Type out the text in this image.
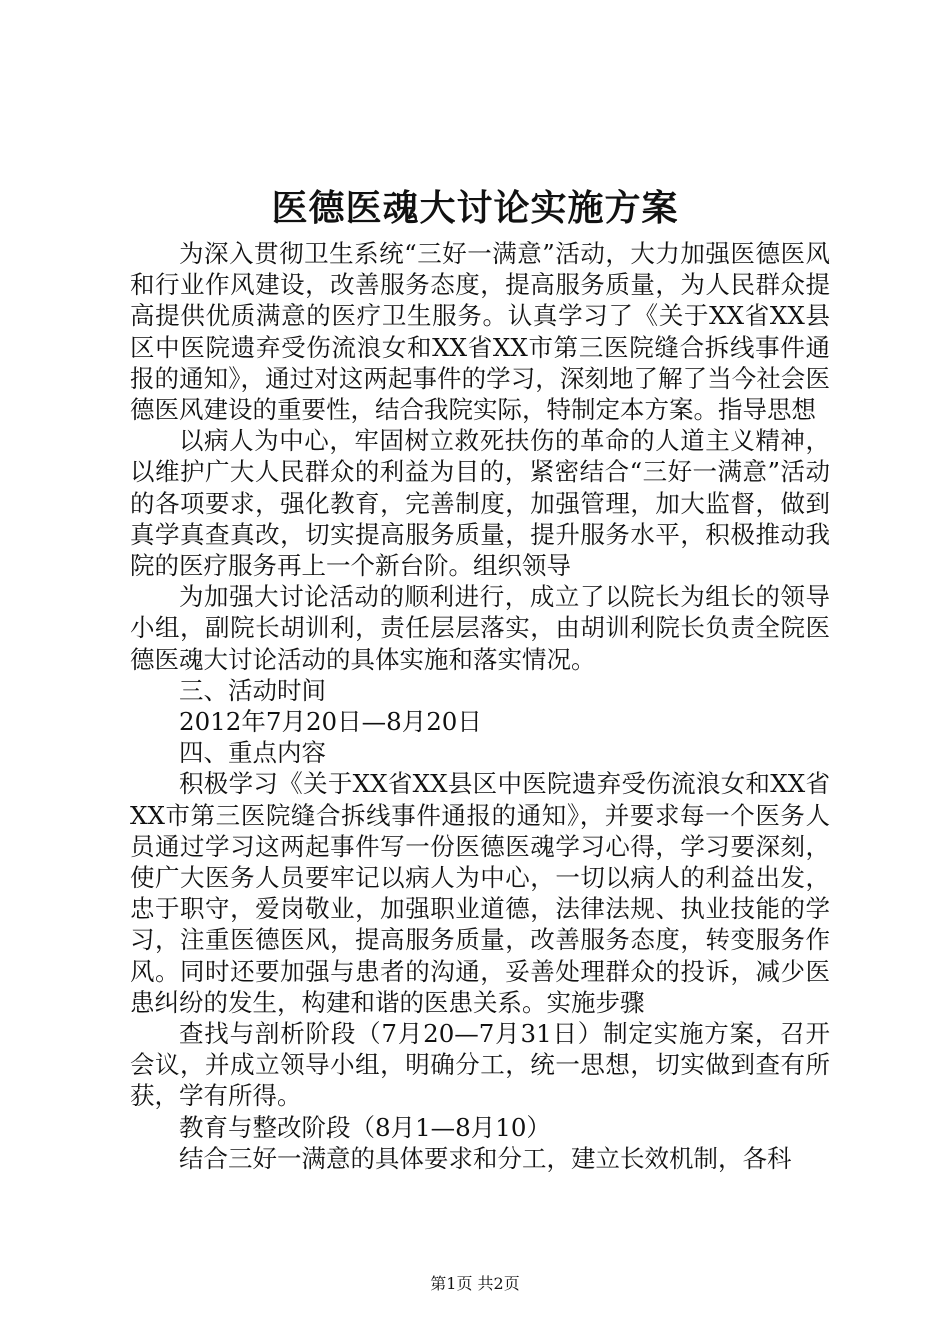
医德医魂大讨论实施方案

为深入贯彻卫生系统“三好一满意”活动，大力加强医德医风和行业作风建设，改善服务态度，提高服务质量，为人民群众提高提供优质满意的医疗卫生服务。认真学习了《关于XX省XX县区中医院遗弃受伤流浪女和XX省XX市第三医院缝合拆线事件通报的通知》，通过对这两起事件的学习，深刻地了解了当今社会医德医风建设的重要性，结合我院实际，特制定本方案。指导思想

以病人为中心，牢固树立救死扶伤的革命的人道主义精神，以维护广大人民群众的利益为目的，紧密结合“三好一满意”活动的各项要求，强化教育，完善制度，加强管理，加大监督，做到真学真查真改，切实提高服务质量，提升服务水平，积极推动我院的医疗服务再上一个新台阶。组织领导

为加强大讨论活动的顺利进行，成立了以院长为组长的领导小组，副院长胡训利，责任层层落实，由胡训利院长负责全院医德医魂大讨论活动的具体实施和落实情况。

三、活动时间

2012年7月20日—8月20日

四、重点内容

积极学习《关于XX省XX县区中医院遗弃受伤流浪女和XX省XX市第三医院缝合拆线事件通报的通知》，并要求每一个医务人员通过学习这两起事件写一份医德医魂学习心得，学习要深刻，使广大医务人员要牢记以病人为中心，一切以病人的利益出发，忠于职守，爱岗敬业，加强职业道德，法律法规、执业技能的学习，注重医德医风，提高服务质量，改善服务态度，转变服务作风。同时还要加强与患者的沟通，妥善处理群众的投诉，减少医患纠纷的发生，构建和谐的医患关系。实施步骤

查找与剖析阶段（7月20—7月31日）制定实施方案，召开会议，并成立领导小组，明确分工，统一思想，切实做到查有所获，学有所得。

教育与整改阶段（8月1—8月10）

结合三好一满意的具体要求和分工，建立长效机制，各科

第1页 共2页
